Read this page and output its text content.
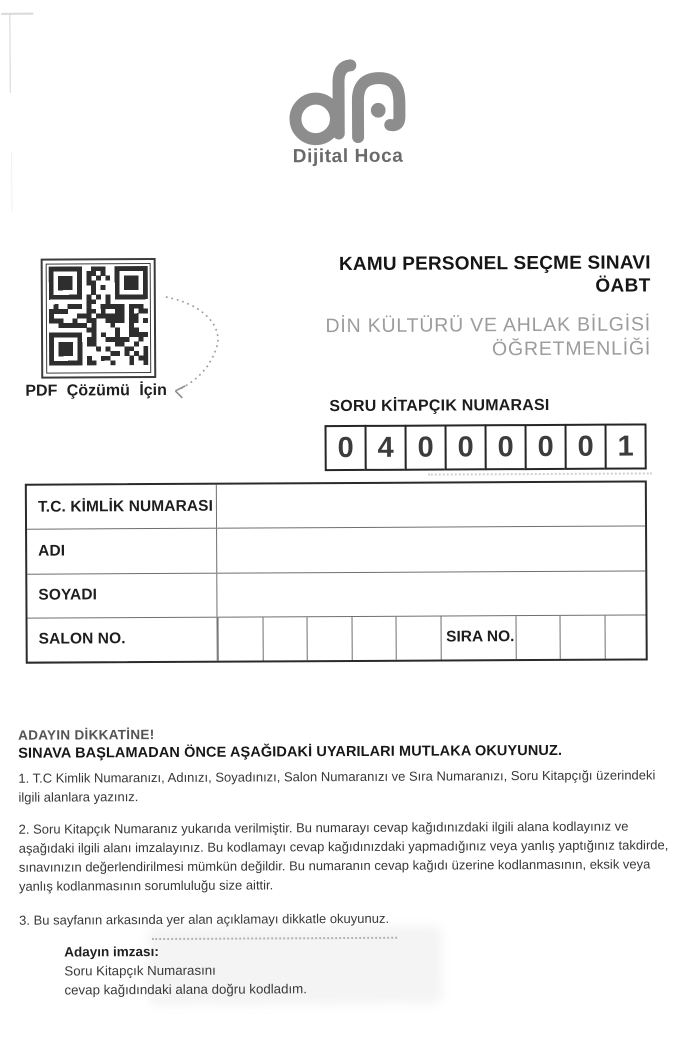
Dijital Hoca
KAMU PERSONEL SEÇME SINAVI
ÖABT
DİN KÜLTÜRÜ VE AHLAK BİLGİSİ
ÖĞRETMENLİĞİ
PDF Çözümü İçin
SORU KİTAPÇIK NUMARASI
0 4 0 0 0 0 0 1
T.C. KİMLİK NUMARASI
ADI
SOYADI
SALON NO.	SIRA NO.
ADAYIN DİKKATİNE!
SINAVA BAŞLAMADAN ÖNCE AŞAĞIDAKİ UYARILARI MUTLAKA OKUYUNUZ.
1. T.C Kimlik Numaranızı, Adınızı, Soyadınızı, Salon Numaranızı ve Sıra Numaranızı, Soru Kitapçığı üzerindeki ilgili alanlara yazınız.
2. Soru Kitapçık Numaranız yukarıda verilmiştir. Bu numarayı cevap kağıdınızdaki ilgili alana kodlayınız ve aşağıdaki ilgili alanı imzalayınız. Bu kodlamayı cevap kağıdınızdaki yapmadığınız veya yanlış yaptığınız takdirde, sınavınızın değerlendirilmesi mümkün değildir. Bu numaranın cevap kağıdı üzerine kodlanmasının, eksik veya yanlış kodlanmasının sorumluluğu size aittir.
3. Bu sayfanın arkasında yer alan açıklamayı dikkatle okuyunuz.
Adayın imzası:
Soru Kitapçık Numarasını
cevap kağıdındaki alana doğru kodladım.
